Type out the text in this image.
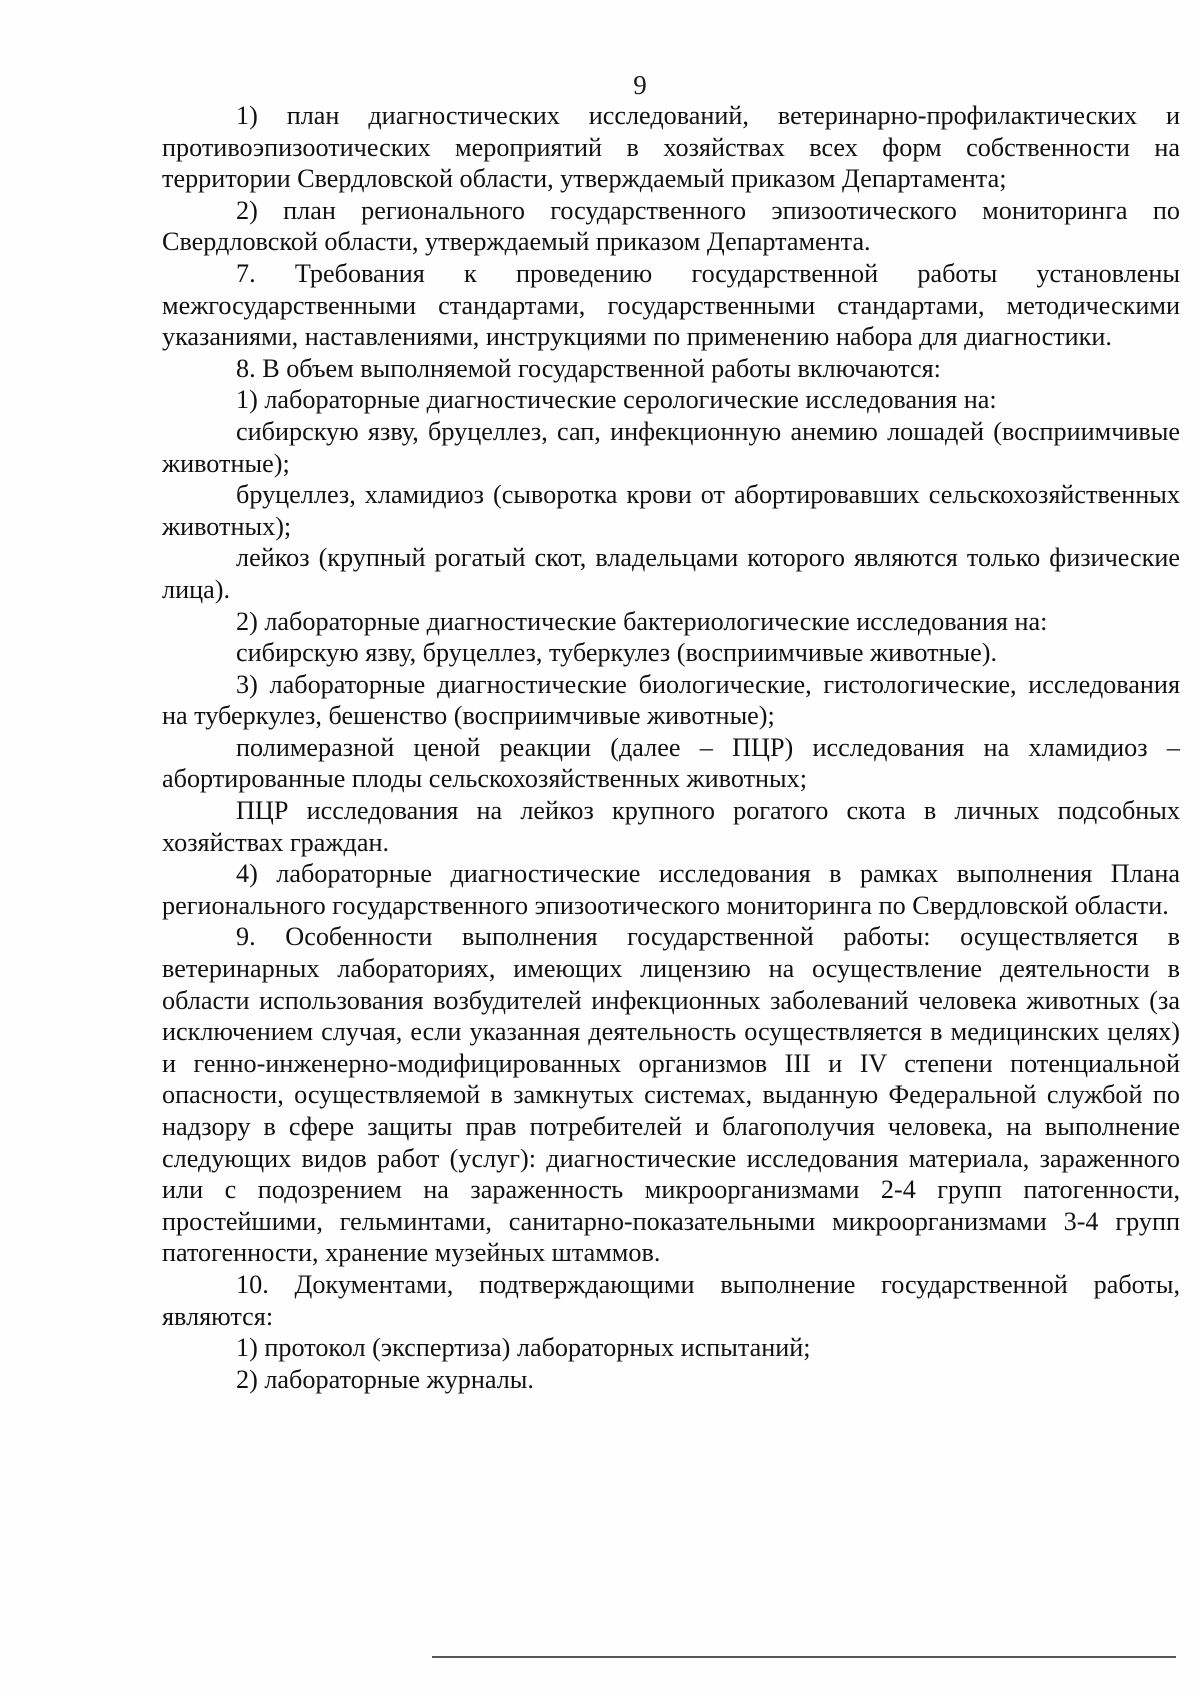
9

1) план диагностических исследований, ветеринарно-профилактических и противоэпизоотических мероприятий в хозяйствах всех форм собственности на территории Свердловской области, утверждаемый приказом Департамента;

2) план регионального государственного эпизоотического мониторинга по Свердловской области, утверждаемый приказом Департамента.

7. Требования к проведению государственной работы установлены межгосударственными стандартами, государственными стандартами, методическими указаниями, наставлениями, инструкциями по применению набора для диагностики.

8. В объем выполняемой государственной работы включаются:

1) лабораторные диагностические серологические исследования на:

сибирскую язву, бруцеллез, сап, инфекционную анемию лошадей (восприимчивые животные);

бруцеллез, хламидиоз (сыворотка крови от абортировавших сельскохозяйственных животных);

лейкоз (крупный рогатый скот, владельцами которого являются только физические лица).

2) лабораторные диагностические бактериологические исследования на:

сибирскую язву, бруцеллез, туберкулез (восприимчивые животные).

3) лабораторные диагностические биологические, гистологические, исследования на туберкулез, бешенство (восприимчивые животные);

полимеразной ценой реакции (далее – ПЦР) исследования на хламидиоз – абортированные плоды сельскохозяйственных животных;

ПЦР исследования на лейкоз крупного рогатого скота в личных подсобных хозяйствах граждан.

4) лабораторные диагностические исследования в рамках выполнения Плана регионального государственного эпизоотического мониторинга по Свердловской области.

9. Особенности выполнения государственной работы: осуществляется в ветеринарных лабораториях, имеющих лицензию на осуществление деятельности в области использования возбудителей инфекционных заболеваний человека животных (за исключением случая, если указанная деятельность осуществляется в медицинских целях) и генно-инженерно-модифицированных организмов III и IV степени потенциальной опасности, осуществляемой в замкнутых системах, выданную Федеральной службой по надзору в сфере защиты прав потребителей и благополучия человека, на выполнение следующих видов работ (услуг): диагностические исследования материала, зараженного или с подозрением на зараженность микроорганизмами 2-4 групп патогенности, простейшими, гельминтами, санитарно-показательными микроорганизмами 3-4 групп патогенности, хранение музейных штаммов.

10. Документами, подтверждающими выполнение государственной работы, являются:

1) протокол (экспертиза) лабораторных испытаний;

2) лабораторные журналы.
